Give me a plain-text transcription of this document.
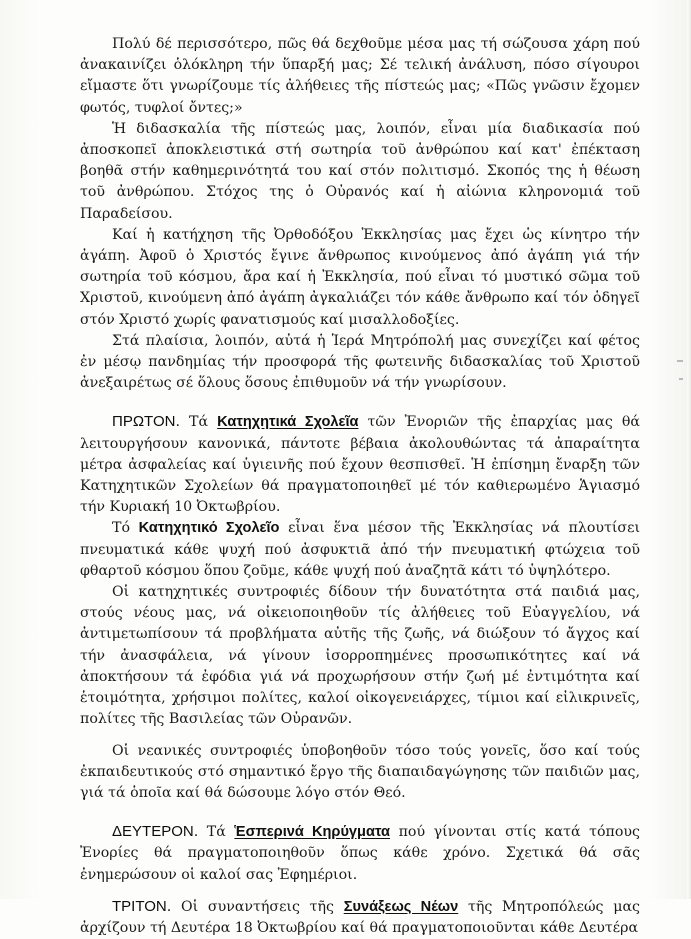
Πολύ δέ περισσότερο, πῶς θά δεχθοῦμε μέσα μας τή σώζουσα χάρη πού ἀνακαινίζει ὁλόκληρη τήν ὕπαρξή μας; Σέ τελική ἀνάλυση, πόσο σίγουροι εἴμαστε ὅτι γνωρίζουμε τίς ἀλήθειες τῆς πίστεώς μας; «Πῶς γνῶσιν ἔχομεν φωτός, τυφλοί ὄντες;»

Ἡ διδασκαλία τῆς πίστεώς μας, λοιπόν, εἶναι μία διαδικασία πού ἀποσκοπεῖ ἀποκλειστικά στή σωτηρία τοῦ ἀνθρώπου καί κατ' ἐπέκταση βοηθᾶ στήν καθημερινότητά του καί στόν πολιτισμό. Σκοπός της ἡ θέωση τοῦ ἀνθρώπου. Στόχος της ὁ Οὐρανός καί ἡ αἰώνια κληρονομιά τοῦ Παραδείσου.

Καί ἡ κατήχηση τῆς Ὀρθοδόξου Ἐκκλησίας μας ἔχει ὡς κίνητρο τήν ἀγάπη. Ἀφοῦ ὁ Χριστός ἔγινε ἄνθρωπος κινούμενος ἀπό ἀγάπη γιά τήν σωτηρία τοῦ κόσμου, ἄρα καί ἡ Ἐκκλησία, πού εἶναι τό μυστικό σῶμα τοῦ Χριστοῦ, κινούμενη ἀπό ἀγάπη ἀγκαλιάζει τόν κάθε ἄνθρωπο καί τόν ὁδηγεῖ στόν Χριστό χωρίς φανατισμούς καί μισαλλοδοξίες.

Στά πλαίσια, λοιπόν, αὐτά ἡ Ἱερά Μητρόπολή μας συνεχίζει καί φέτος ἐν μέσῳ πανδημίας τήν προσφορά τῆς φωτεινῆς διδασκαλίας τοῦ Χριστοῦ ἀνεξαιρέτως σέ ὅλους ὅσους ἐπιθυμοῦν νά τήν γνωρίσουν.

ΠΡΩΤΟΝ. Τά Κατηχητικά Σχολεῖα τῶν Ἐνοριῶν τῆς ἐπαρχίας μας θά λειτουργήσουν κανονικά, πάντοτε βέβαια ἀκολουθώντας τά ἀπαραίτητα μέτρα ἀσφαλείας καί ὑγιεινῆς πού ἔχουν θεσπισθεῖ. Ἡ ἐπίσημη ἔναρξη τῶν Κατηχητικῶν Σχολείων θά πραγματοποιηθεῖ μέ τόν καθιερωμένο Ἁγιασμό τήν Κυριακή 10 Ὀκτωβρίου.

Τό Κατηχητικό Σχολεῖο εἶναι ἕνα μέσον τῆς Ἐκκλησίας νά πλουτίσει πνευματικά κάθε ψυχή πού ἀσφυκτιᾶ ἀπό τήν πνευματική φτώχεια τοῦ φθαρτοῦ κόσμου ὅπου ζοῦμε, κάθε ψυχή πού ἀναζητᾶ κάτι τό ὑψηλότερο.

Οἱ κατηχητικές συντροφιές δίδουν τήν δυνατότητα στά παιδιά μας, στούς νέους μας, νά οἰκειοποιηθοῦν τίς ἀλήθειες τοῦ Εὐαγγελίου, νά ἀντιμετωπίσουν τά προβλήματα αὐτῆς τῆς ζωῆς, νά διώξουν τό ἄγχος καί τήν ἀνασφάλεια, νά γίνουν ἰσορροπημένες προσωπικότητες καί νά ἀποκτήσουν τά ἐφόδια γιά νά προχωρήσουν στήν ζωή μέ ἐντιμότητα καί ἑτοιμότητα, χρήσιμοι πολίτες, καλοί οἰκογενειάρχες, τίμιοι καί εἰλικρινεῖς, πολίτες τῆς Βασιλείας τῶν Οὐρανῶν.

Οἱ νεανικές συντροφιές ὑποβοηθοῦν τόσο τούς γονεῖς, ὅσο καί τούς ἐκπαιδευτικούς στό σημαντικό ἔργο τῆς διαπαιδαγώγησης τῶν παιδιῶν μας, γιά τά ὁποῖα καί θά δώσουμε λόγο στόν Θεό.

ΔΕΥΤΕΡΟΝ. Τά Ἑσπερινά Κηρύγματα πού γίνονται στίς κατά τόπους Ἐνορίες θά πραγματοποιηθοῦν ὅπως κάθε χρόνο. Σχετικά θά σᾶς ἐνημερώσουν οἱ καλοί σας Ἐφημέριοι.

ΤΡΙΤΟΝ. Οἱ συναντήσεις τῆς Συνάξεως Νέων τῆς Μητροπόλεώς μας ἀρχίζουν τή Δευτέρα 18 Ὀκτωβρίου καί θά πραγματοποιοῦνται κάθε Δευτέρα
